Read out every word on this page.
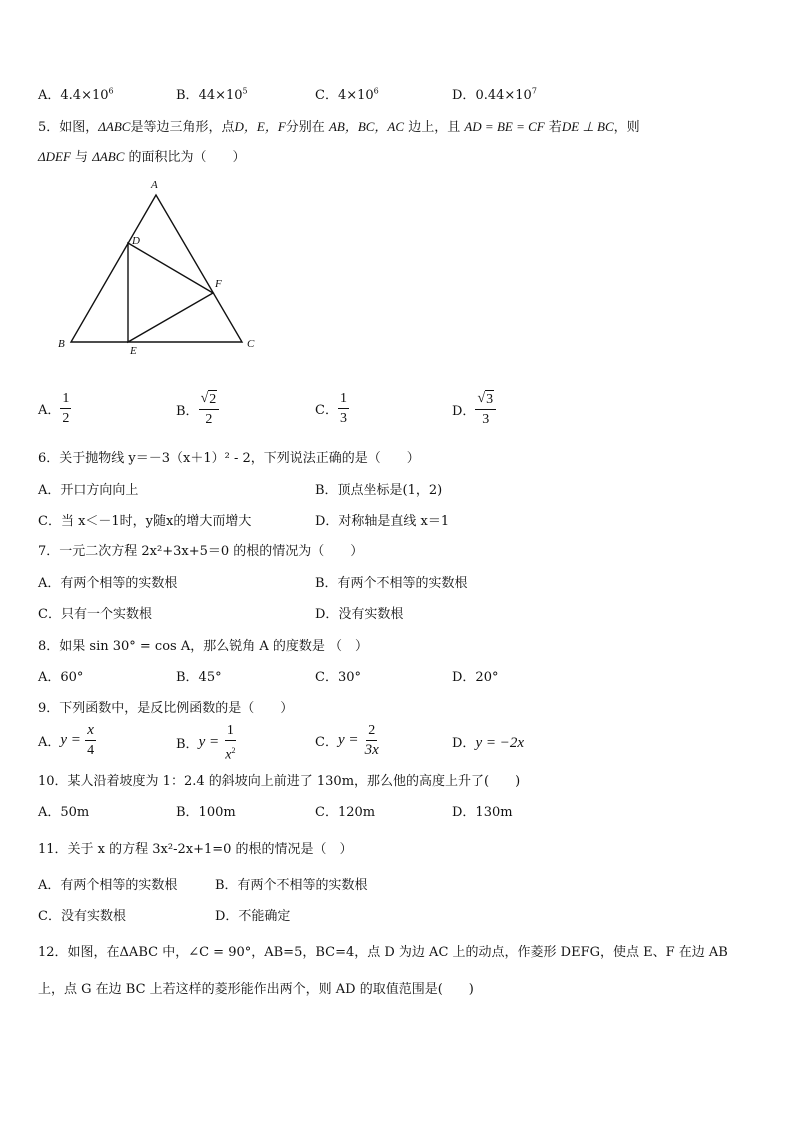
A．$4.4\times 10^6$	B．$44\times 10^5$	C．$4\times 10^6$	D．$0.44\times 10^7$
5．如图，ΔABC是等边三角形，点D，E，F分别在 AB，BC，AC 边上，且 AD = BE = CF 若DE ⊥ BC，则
ΔDEF 与 ΔABC 的面积比为（　　）
A
B	C
D
E
F
A． $\frac{1}{2}$	B． $\frac{√ 2}{2}$	C． $\frac{1}{3}$	D． $\frac{√ 3}{3}$
6．关于抛物线 y＝－3（x＋1）² - 2，下列说法正确的是（　　）
A．开口方向向上	B．顶点坐标是(1，2)
C．当 x＜－1时，y随x的增大而增大	D．对称轴是直线 x＝1
7．一元二次方程 2x²+3x+5＝0 的根的情况为（　　）
A．有两个相等的实数根	B．有两个不相等的实数根
C．只有一个实数根	D．没有实数根
8．如果 sin 30° = cos A，那么锐角 A 的度数是 （　）
A．60°	B．45°	C．30°	D．20°
9．下列函数中，是反比例函数的是（　　）
A． y =
$\frac{x}{4}$	B． y =
$\frac{1}{x^2}$	C． y =
$\frac{2}{3x}$	D．y = −2x
10．某人沿着坡度为 1：2.4 的斜坡向上前进了 130m，那么他的高度上升了(　　)
A．50m	B．100m	C．120m	D．130m
11．关于 x 的方程 3x²-2x+1=0 的根的情况是（　）
A．有两个相等的实数根	B．有两个不相等的实数根
C．没有实数根	D．不能确定
12．如图，在ΔABC 中，∠C = 90°，AB=5，BC=4，点 D 为边 AC 上的动点，作菱形 DEFG，使点 E、F 在边 AB
上，点 G 在边 BC 上若这样的菱形能作出两个，则 AD 的取值范围是(　　)
